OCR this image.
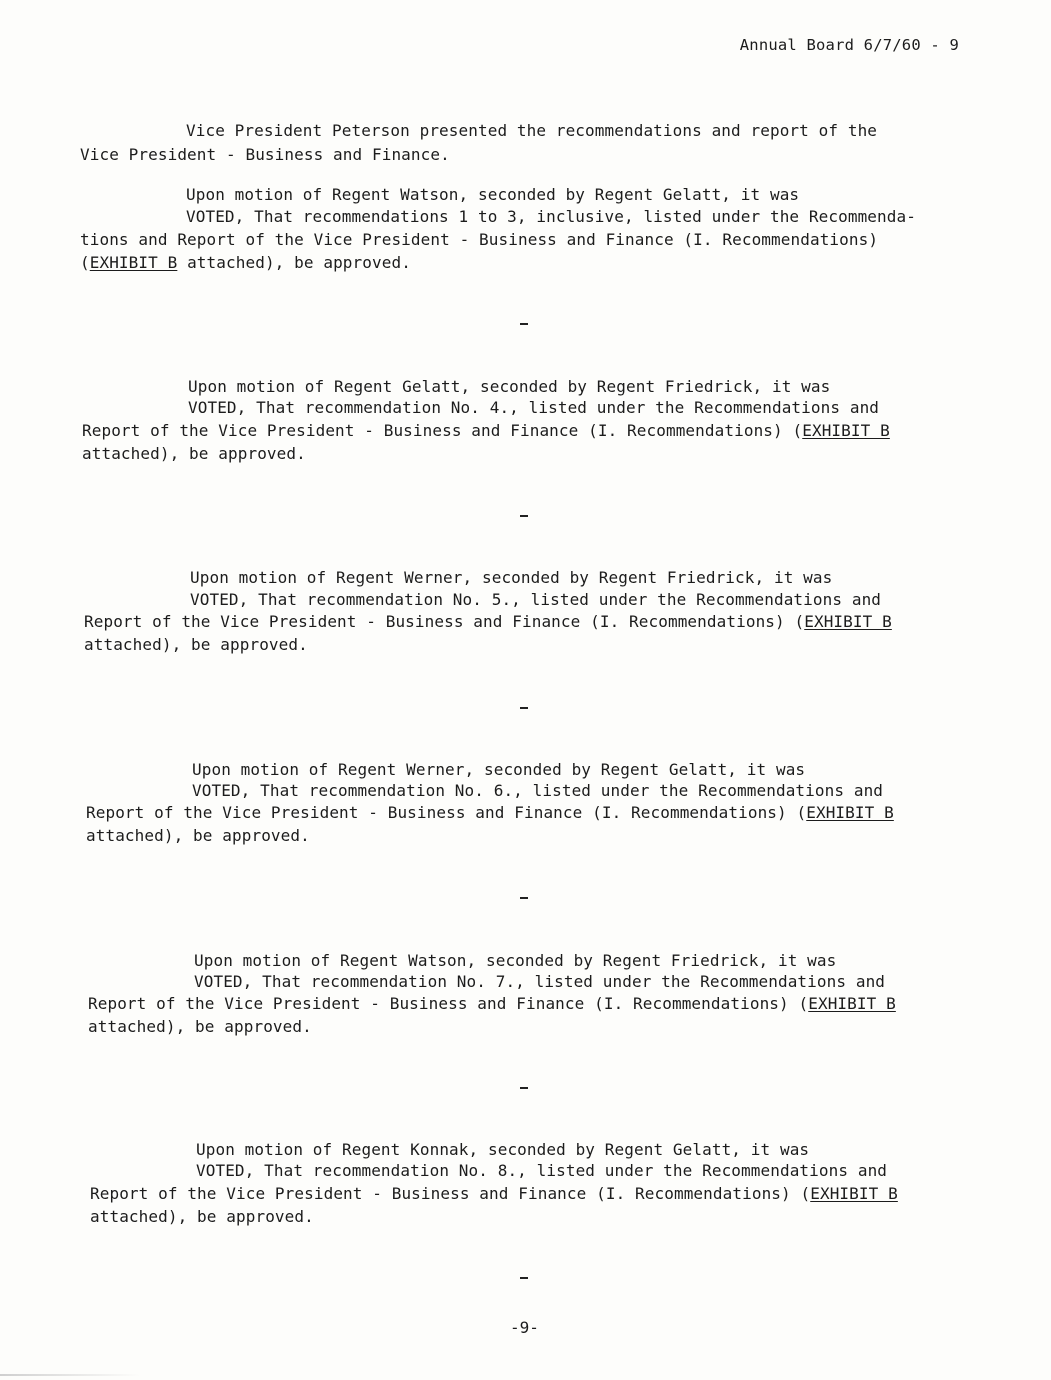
Annual Board 6/7/60 - 9
Vice President Peterson presented the recommendations and report of the
Vice President - Business and Finance.
Upon motion of Regent Watson, seconded by Regent Gelatt, it was
VOTED, That recommendations 1 to 3, inclusive, listed under the Recommenda-
tions and Report of the Vice President - Business and Finance (I. Recommendations)
(EXHIBIT B attached), be approved.
Upon motion of Regent Gelatt, seconded by Regent Friedrick, it was
VOTED, That recommendation No. 4., listed under the Recommendations and
Report of the Vice President - Business and Finance (I. Recommendations) (EXHIBIT B
attached), be approved.
Upon motion of Regent Werner, seconded by Regent Friedrick, it was
VOTED, That recommendation No. 5., listed under the Recommendations and
Report of the Vice President - Business and Finance (I. Recommendations) (EXHIBIT B
attached), be approved.
Upon motion of Regent Werner, seconded by Regent Gelatt, it was
VOTED, That recommendation No. 6., listed under the Recommendations and
Report of the Vice President - Business and Finance (I. Recommendations) (EXHIBIT B
attached), be approved.
Upon motion of Regent Watson, seconded by Regent Friedrick, it was
VOTED, That recommendation No. 7., listed under the Recommendations and
Report of the Vice President - Business and Finance (I. Recommendations) (EXHIBIT B
attached), be approved.
Upon motion of Regent Konnak, seconded by Regent Gelatt, it was
VOTED, That recommendation No. 8., listed under the Recommendations and
Report of the Vice President - Business and Finance (I. Recommendations) (EXHIBIT B
attached), be approved.
-9-
